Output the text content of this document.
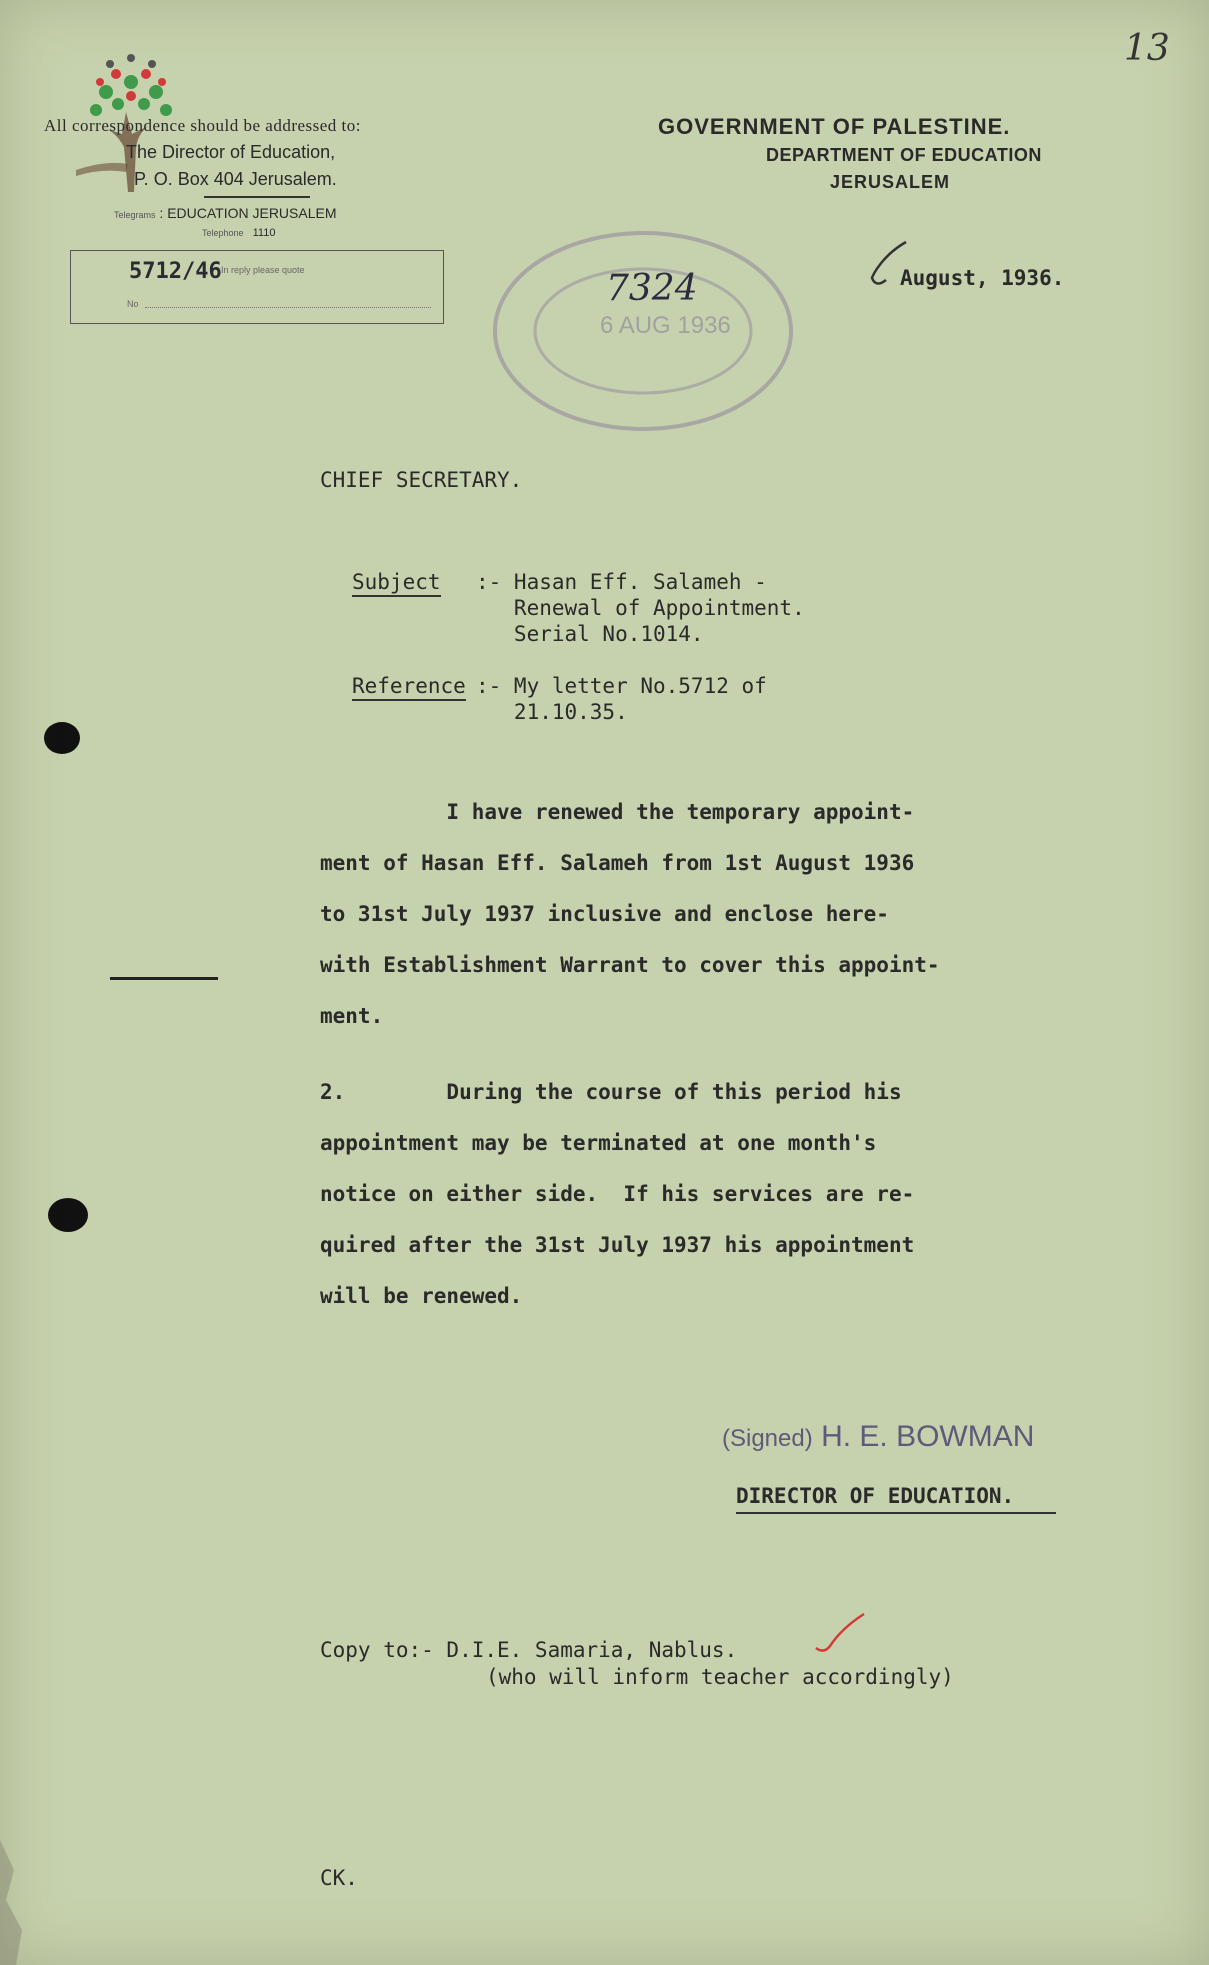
13
All correspondence should be addressed to:
The Director of Education,
P. O. Box 404 Jerusalem.
Telegrams : EDUCATION JERUSALEM
Telephone 1110
5712/46 In reply please quote
No
GOVERNMENT OF PALESTINE.
DEPARTMENT OF EDUCATION
JERUSALEM
7324
6 AUG 1936
August, 1936.
CHIEF SECRETARY.
Subject :- Hasan Eff. Salameh -
Renewal of Appointment.
Serial No.1014.
Reference :- My letter No.5712 of
21.10.35.
I have renewed the temporary appoint-
ment of Hasan Eff. Salameh from 1st August 1936
to 31st July 1937 inclusive and enclose here-
with Establishment Warrant to cover this appoint-
ment.
2.        During the course of this period his
appointment may be terminated at one month's
notice on either side.  If his services are re-
quired after the 31st July 1937 his appointment
will be renewed.
(Signed) H. E. BOWMAN
DIRECTOR OF EDUCATION.
Copy to:- D.I.E. Samaria, Nablus.
(who will inform teacher accordingly)
CK.
